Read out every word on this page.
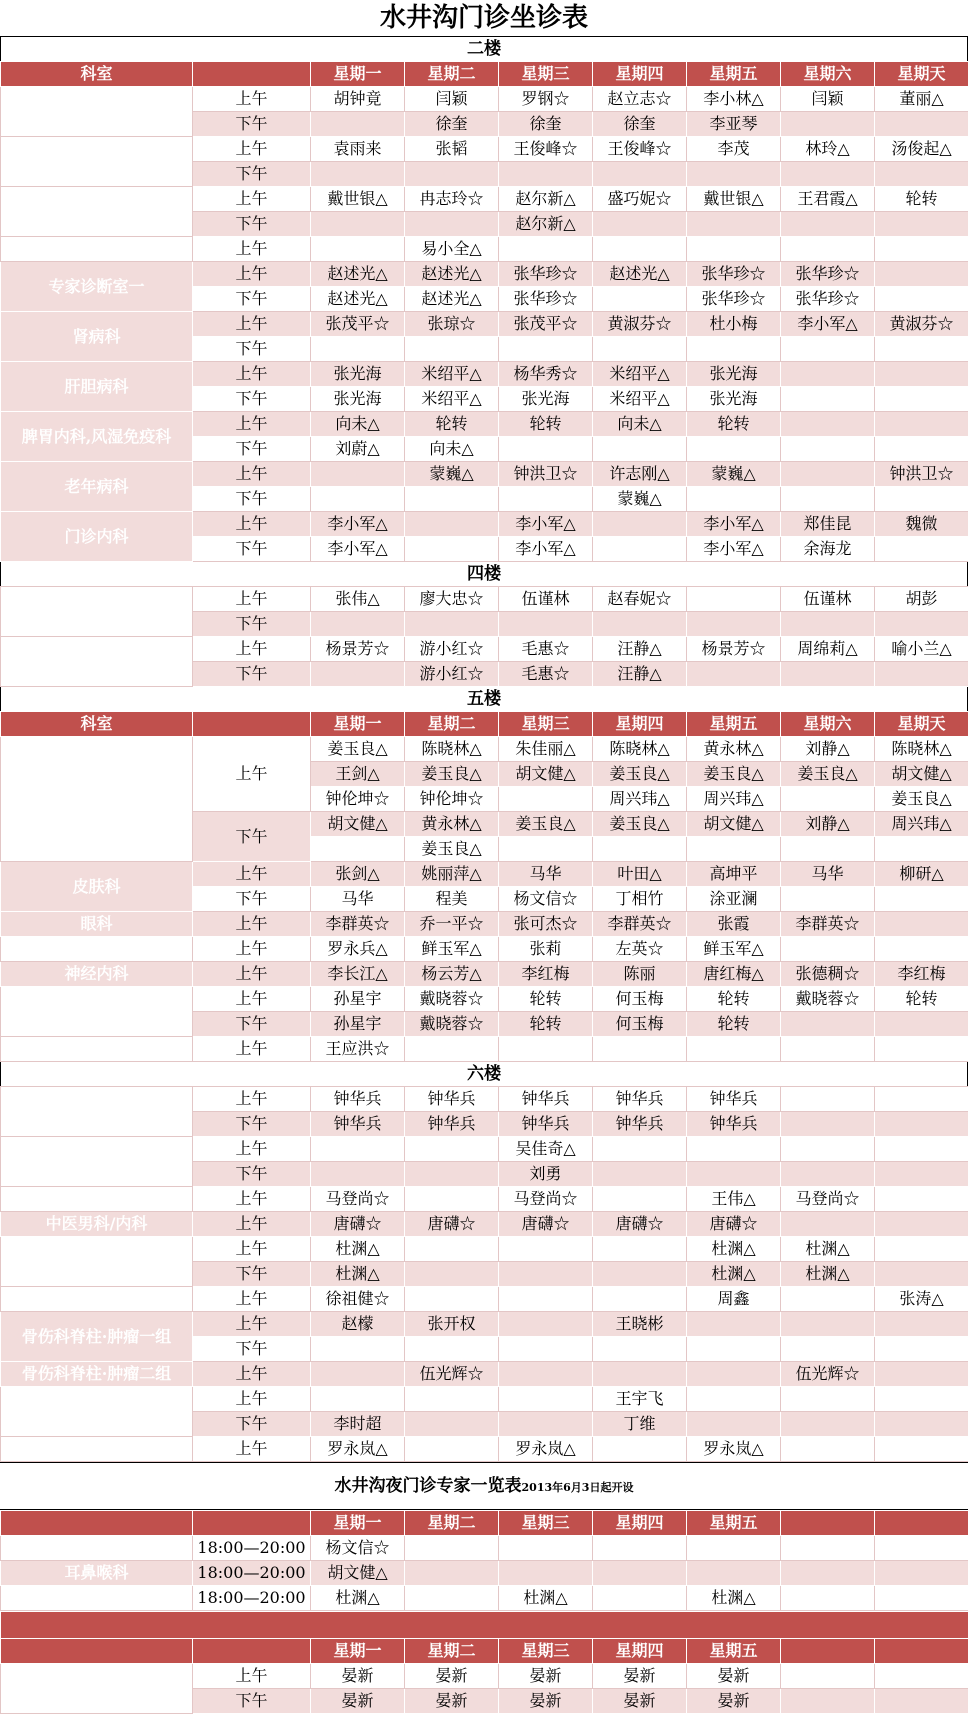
水井沟门诊坐诊表
二楼
科室		星期一	星期二	星期三	星期四	星期五	星期六	星期天
心血管内科	上午	胡钟竟	闫颖	罗钢☆	赵立志☆	李小林△	闫颖	董丽△
	下午		徐奎	徐奎	徐奎	李亚琴		
呼吸内科	上午	袁雨来	张韬	王俊峰☆	王俊峰☆	李茂	林玲△	汤俊起△
	下午							
儿科	上午	戴世银△	冉志玲☆	赵尔新△	盛巧妮☆	戴世银△	王君霞△	轮转
	下午			赵尔新△				
血管乳腺甲状腺外科	上午		易小全△					
专家诊断室一	上午	赵述光△	赵述光△	张华珍☆	赵述光△	张华珍☆	张华珍☆	
	下午	赵述光△	赵述光△	张华珍☆		张华珍☆	张华珍☆	
肾病科	上午	张茂平☆	张琼☆	张茂平☆	黄淑芬☆	杜小梅	李小军△	黄淑芬☆
	下午							
肝胆病科	上午	张光海	米绍平△	杨华秀☆	米绍平△	张光海		
	下午	张光海	米绍平△	张光海	米绍平△	张光海		
脾胃内科,风湿免疫科	上午	向未△	轮转	轮转	向未△	轮转		
	下午	刘蔚△	向未△					
老年病科	上午		蒙巍△	钟洪卫☆	许志刚△	蒙巍△		钟洪卫☆
	下午				蒙巍△			
门诊内科	上午	李小军△		李小军△		李小军△	郑佳昆	魏微
	下午	李小军△		李小军△		李小军△	余海龙	
四楼
肿瘤·血液病科	上午	张伟△	廖大忠☆	伍谨林	赵春妮☆		伍谨林	胡彭
	下午							
产科	上午	杨景芳☆	游小红☆	毛惠☆	汪静△	杨景芳☆	周绵莉△	喻小兰△
	下午		游小红☆	毛惠☆	汪静△			
五楼
科室		星期一	星期二	星期三	星期四	星期五	星期六	星期天
耳鼻喉科	上午	姜玉良△	陈晓林△	朱佳丽△	陈晓林△	黄永林△	刘静△	陈晓林△
		王剑△	姜玉良△	胡文健△	姜玉良△	姜玉良△	姜玉良△	胡文健△
		钟伦坤☆	钟伦坤☆		周兴玮△	周兴玮△		姜玉良△
	下午	胡文健△	黄永林△	姜玉良△	姜玉良△	胡文健△	刘静△	周兴玮△
			姜玉良△					
皮肤科	上午	张剑△	姚丽萍△	马华	叶田△	高坤平	马华	柳研△
	下午	马华	程美	杨文信☆	丁相竹	涂亚澜		
眼科	上午	李群英☆	乔一平☆	张可杰☆	李群英☆	张霞	李群英☆	
综合内科	上午	罗永兵△	鲜玉军△	张莉	左英☆	鲜玉军△		
神经内科	上午	李长江△	杨云芳△	李红梅	陈丽	唐红梅△	张德稠☆	李红梅
妇科	上午	孙星宇	戴晓蓉☆	轮转	何玉梅	轮转	戴晓蓉☆	轮转
	下午	孙星宇	戴晓蓉☆	轮转	何玉梅	轮转		
泌尿外科	上午	王应洪☆						
六楼
推拿科	上午	钟华兵	钟华兵	钟华兵	钟华兵	钟华兵		
	下午	钟华兵	钟华兵	钟华兵	钟华兵	钟华兵		
骨伤科创伤·正骨组	上午			吴佳奇△				
	下午			刘勇				
针灸推拿康复科	上午	马登尚☆		马登尚☆		王伟△	马登尚☆	
中医男科/内科	上午	唐礴☆	唐礴☆	唐礴☆	唐礴☆	唐礴☆		
中医特色儿科	上午	杜渊△				杜渊△	杜渊△	
	下午	杜渊△				杜渊△	杜渊△	
骨伤关节足踝组	上午	徐祖健☆				周鑫		张涛△
骨伤科脊柱·肿瘤一组	上午	赵檬	张开权		王晓彬			
	下午							
骨伤科脊柱·肿瘤二组	上午		伍光辉☆				伍光辉☆	
肛肠科	上午				王宇飞			
	下午	李时超			丁维			
门诊外科	上午	罗永岚△		罗永岚△		罗永岚△		
水井沟夜门诊专家一览表2013年6月3日起开设
		星期一	星期二	星期三	星期四	星期五		
皮肤科	18:00—20:00	杨文信☆						
耳鼻喉科	18:00—20:00	胡文健△						
儿科	18:00—20:00	杜渊△		杜渊△		杜渊△		

		星期一	星期二	星期三	星期四	星期五		
便民门诊	上午	晏新	晏新	晏新	晏新	晏新		
	下午	晏新	晏新	晏新	晏新	晏新		
